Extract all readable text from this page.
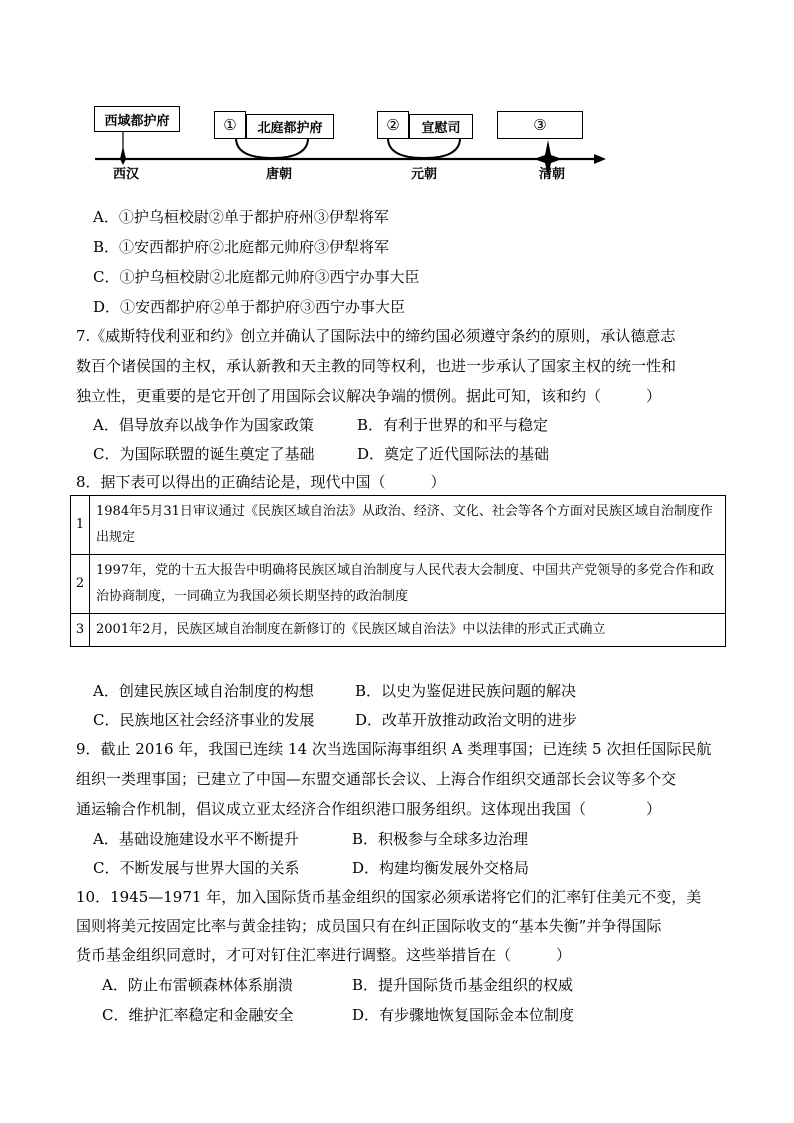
西域都护府	①	北庭都护府	②	宣慰司	③
西汉	唐朝	元朝	清朝
A．①护乌桓校尉②单于都护府州③伊犁将军
B．①安西都护府②北庭都元帅府③伊犁将军
C．①护乌桓校尉②北庭都元帅府③西宁办事大臣
D．①安西都护府②单于都护府③西宁办事大臣
7.《威斯特伐利亚和约》创立并确认了国际法中的缔约国必须遵守条约的原则，承认德意志
数百个诸侯国的主权，承认新教和天主教的同等权利，也进一步承认了国家主权的统一性和
独立性，更重要的是它开创了用国际会议解决争端的惯例。据此可知，该和约（　　　）
A．倡导放弃以战争作为国家政策	B．有利于世界的和平与稳定
C．为国际联盟的诞生奠定了基础	D．奠定了近代国际法的基础
8．据下表可以得出的正确结论是，现代中国（　　　）
1	1984年5月31日审议通过《民族区域自治法》从政治、经济、文化、社会等各个方面对民族区域自治制度作出规定
2	1997年，党的十五大报告中明确将民族区域自治制度与人民代表大会制度、中国共产党领导的多党合作和政治协商制度，一同确立为我国必须长期坚持的政治制度
3	2001年2月，民族区域自治制度在新修订的《民族区域自治法》中以法律的形式正式确立
A．创建民族区域自治制度的构想	B．以史为鉴促进民族问题的解决
C．民族地区社会经济事业的发展	D．改革开放推动政治文明的进步
9．截止 2016 年，我国已连续 14 次当选国际海事组织 A 类理事国；已连续 5 次担任国际民航
组织一类理事国；已建立了中国—东盟交通部长会议、上海合作组织交通部长会议等多个交
通运输合作机制，倡议成立亚太经济合作组织港口服务组织。这体现出我国（　　　　）
A．基础设施建设水平不断提升	B．积极参与全球多边治理
C．不断发展与世界大国的关系	D．构建均衡发展外交格局
10．1945—1971 年，加入国际货币基金组织的国家必须承诺将它们的汇率钉住美元不变，美
国则将美元按固定比率与黄金挂钩；成员国只有在纠正国际收支的“基本失衡”并争得国际
货币基金组织同意时，才可对钉住汇率进行调整。这些举措旨在（　　　）
A．防止布雷顿森林体系崩溃	B．提升国际货币基金组织的权威
C．维护汇率稳定和金融安全	D．有步骤地恢复国际金本位制度
